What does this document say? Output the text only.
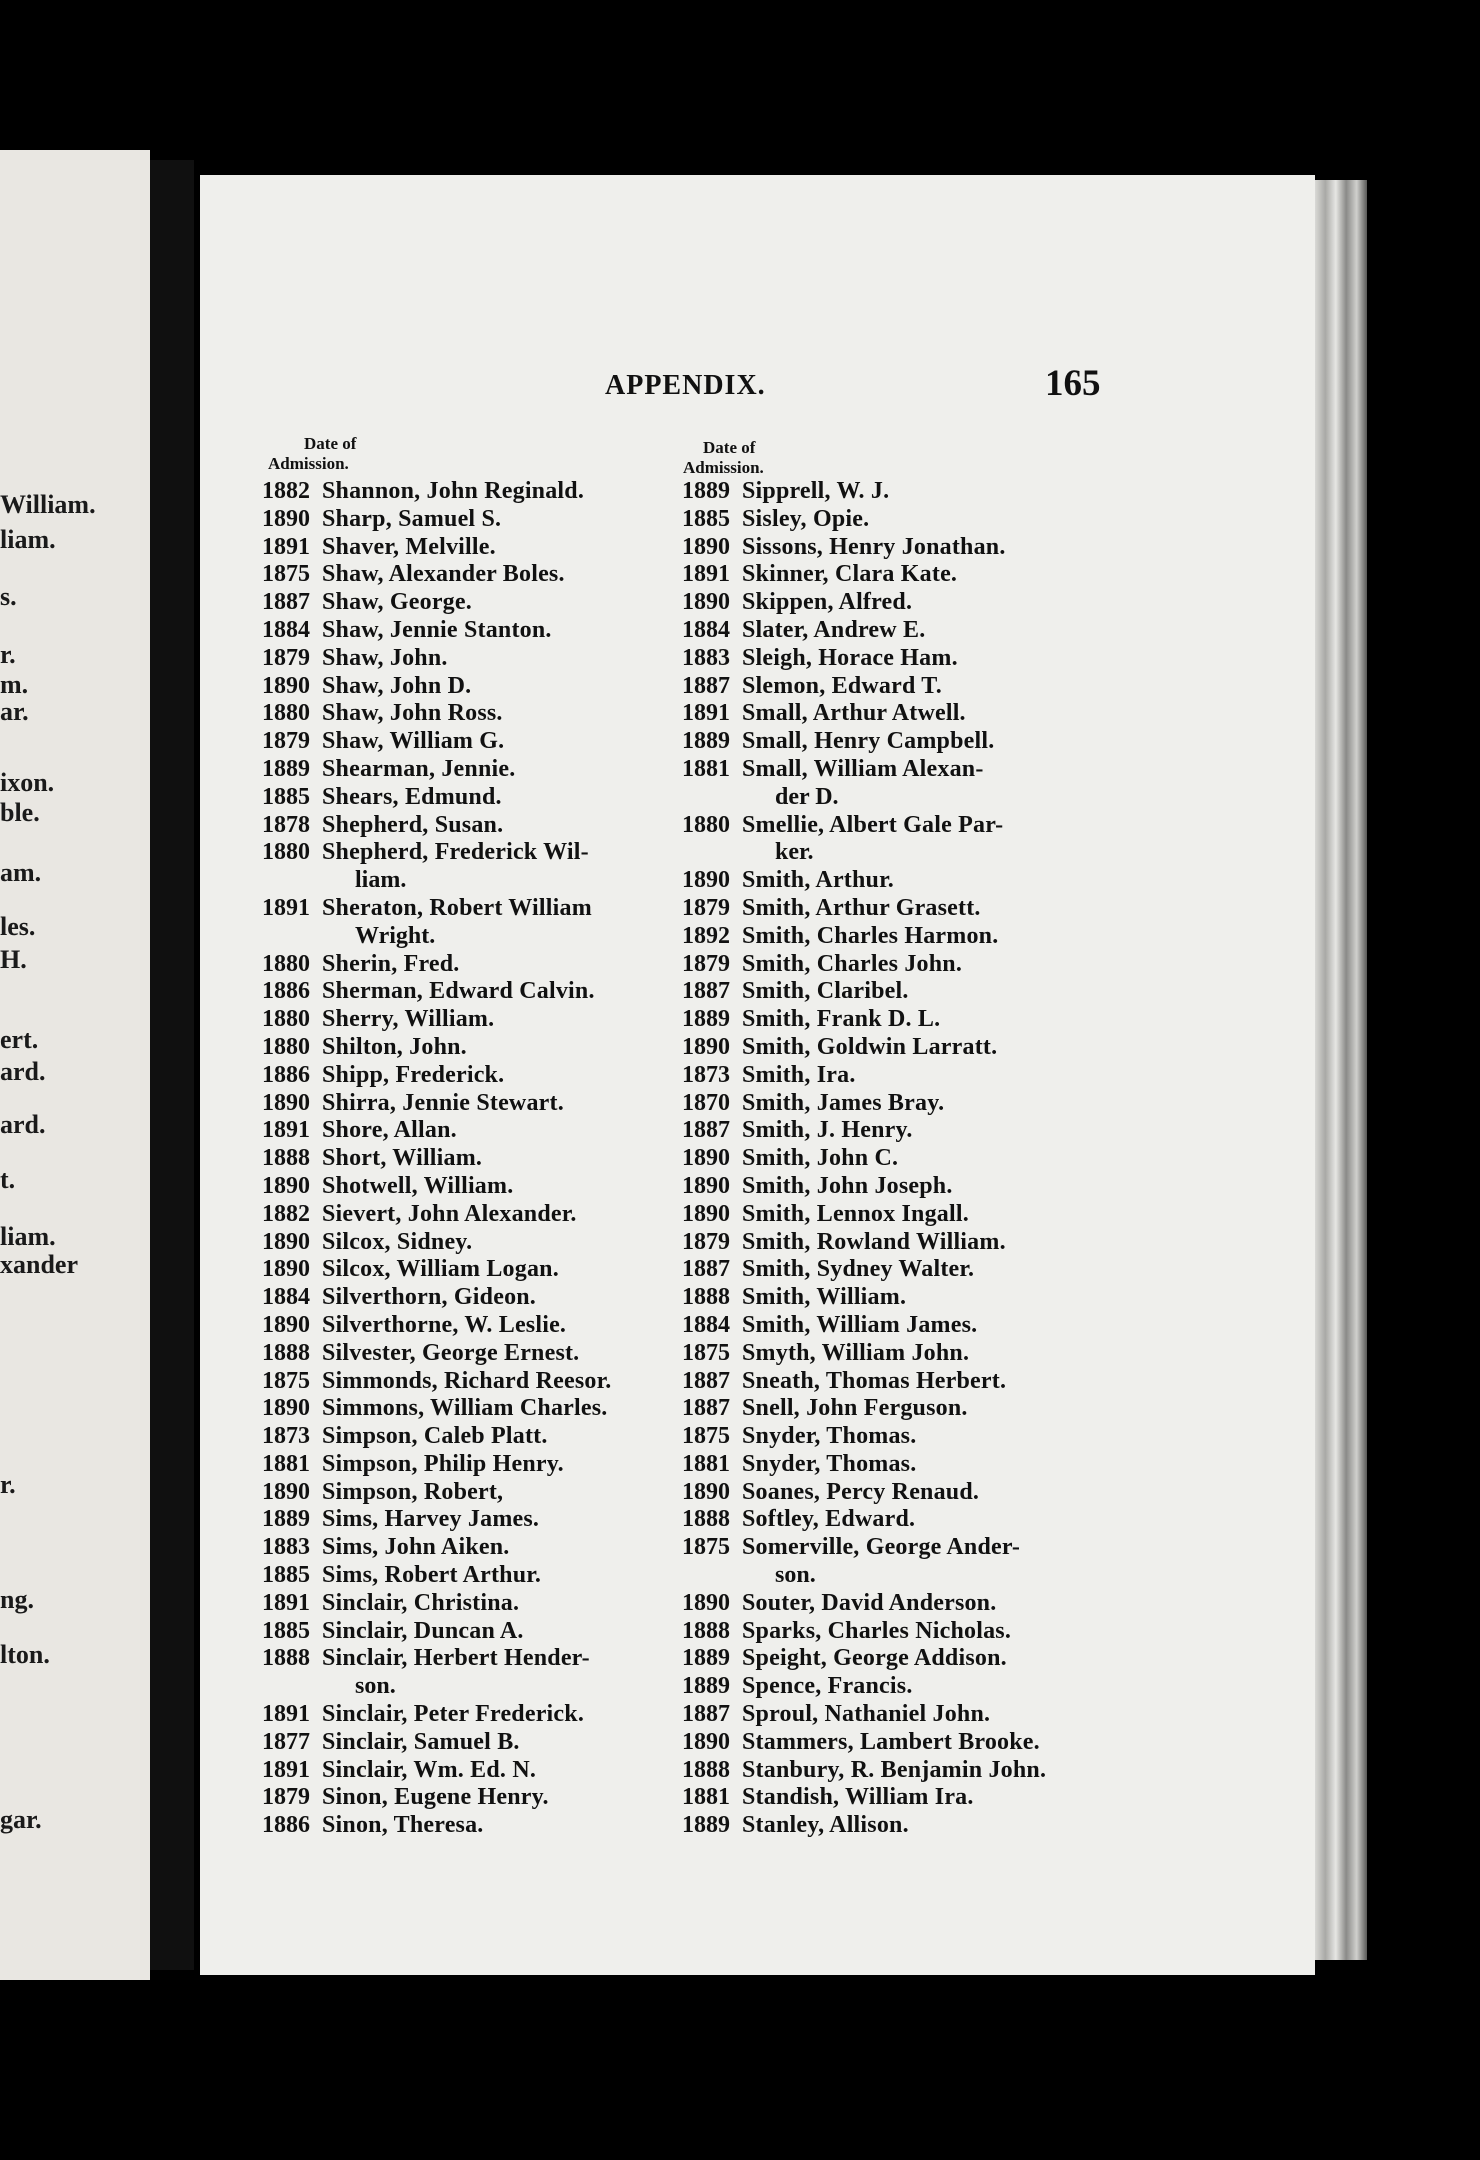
William.
liam.
s.
r.
m.
ar.
ixon.
ble.
am.
les.
H.
ert.
ard.
ard.
t.
liam.
xander
r.
ng.
lton.
gar.
APPENDIX.	165
Date of
Admission.
Date of
Admission.
1882 Shannon, John Reginald.
1890 Sharp, Samuel S.
1891 Shaver, Melville.
1875 Shaw, Alexander Boles.
1887 Shaw, George.
1884 Shaw, Jennie Stanton.
1879 Shaw, John.
1890 Shaw, John D.
1880 Shaw, John Ross.
1879 Shaw, William G.
1889 Shearman, Jennie.
1885 Shears, Edmund.
1878 Shepherd, Susan.
1880 Shepherd, Frederick Wil-
liam.
1891 Sheraton, Robert William
Wright.
1880 Sherin, Fred.
1886 Sherman, Edward Calvin.
1880 Sherry, William.
1880 Shilton, John.
1886 Shipp, Frederick.
1890 Shirra, Jennie Stewart.
1891 Shore, Allan.
1888 Short, William.
1890 Shotwell, William.
1882 Sievert, John Alexander.
1890 Silcox, Sidney.
1890 Silcox, William Logan.
1884 Silverthorn, Gideon.
1890 Silverthorne, W. Leslie.
1888 Silvester, George Ernest.
1875 Simmonds, Richard Reesor.
1890 Simmons, William Charles.
1873 Simpson, Caleb Platt.
1881 Simpson, Philip Henry.
1890 Simpson, Robert,
1889 Sims, Harvey James.
1883 Sims, John Aiken.
1885 Sims, Robert Arthur.
1891 Sinclair, Christina.
1885 Sinclair, Duncan A.
1888 Sinclair, Herbert Hender-
son.
1891 Sinclair, Peter Frederick.
1877 Sinclair, Samuel B.
1891 Sinclair, Wm. Ed. N.
1879 Sinon, Eugene Henry.
1886 Sinon, Theresa.
1889 Sipprell, W. J.
1885 Sisley, Opie.
1890 Sissons, Henry Jonathan.
1891 Skinner, Clara Kate.
1890 Skippen, Alfred.
1884 Slater, Andrew E.
1883 Sleigh, Horace Ham.
1887 Slemon, Edward T.
1891 Small, Arthur Atwell.
1889 Small, Henry Campbell.
1881 Small, William Alexan-
der D.
1880 Smellie, Albert Gale Par-
ker.
1890 Smith, Arthur.
1879 Smith, Arthur Grasett.
1892 Smith, Charles Harmon.
1879 Smith, Charles John.
1887 Smith, Claribel.
1889 Smith, Frank D. L.
1890 Smith, Goldwin Larratt.
1873 Smith, Ira.
1870 Smith, James Bray.
1887 Smith, J. Henry.
1890 Smith, John C.
1890 Smith, John Joseph.
1890 Smith, Lennox Ingall.
1879 Smith, Rowland William.
1887 Smith, Sydney Walter.
1888 Smith, William.
1884 Smith, William James.
1875 Smyth, William John.
1887 Sneath, Thomas Herbert.
1887 Snell, John Ferguson.
1875 Snyder, Thomas.
1881 Snyder, Thomas.
1890 Soanes, Percy Renaud.
1888 Softley, Edward.
1875 Somerville, George Ander-
son.
1890 Souter, David Anderson.
1888 Sparks, Charles Nicholas.
1889 Speight, George Addison.
1889 Spence, Francis.
1887 Sproul, Nathaniel John.
1890 Stammers, Lambert Brooke.
1888 Stanbury, R. Benjamin John.
1881 Standish, William Ira.
1889 Stanley, Allison.
